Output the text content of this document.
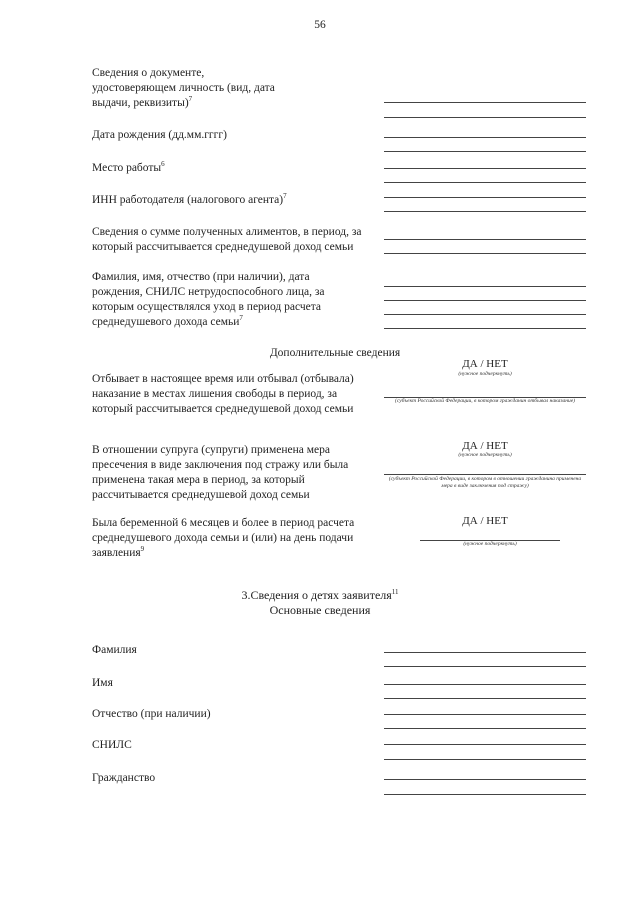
56
Сведения о документе, удостоверяющем личность (вид, дата выдачи, реквизиты)$^7$
Дата рождения (дд.мм.гггг)
Место работы$^6$
ИНН работодателя (налогового агента)$^7$
Сведения о сумме полученных алиментов, в период, за который рассчитывается среднедушевой доход семьи
Фамилия, имя, отчество (при наличии), дата рождения, СНИЛС нетрудоспособного лица, за которым осуществлялся уход в период расчета среднедушевого дохода семьи$^7$
Дополнительные сведения
Отбывает в настоящее время или отбывал (отбывала) наказание в местах лишения свободы в период, за который рассчитывается среднедушевой доход семьи
ДА / НЕТ
(нужное подчеркнуть)
(субъект Российской Федерации, в котором гражданин отбывал наказание)
В отношении супруга (супруги) применена мера пресечения в виде заключения под стражу или была применена такая мера в период, за который рассчитывается среднедушевой доход семьи
ДА / НЕТ
(нужное подчеркнуть)
(субъект Российской Федерации, в котором в отношении гражданина применена мера в виде заключения под стражу)
Была беременной 6 месяцев и более в период расчета среднедушевого дохода семьи и (или) на день подачи заявления$^9$
ДА / НЕТ
(нужное подчеркнуть)
3.Сведения о детях заявителя$^{11}$
Основные сведения
Фамилия
Имя
Отчество (при наличии)
СНИЛС
Гражданство
